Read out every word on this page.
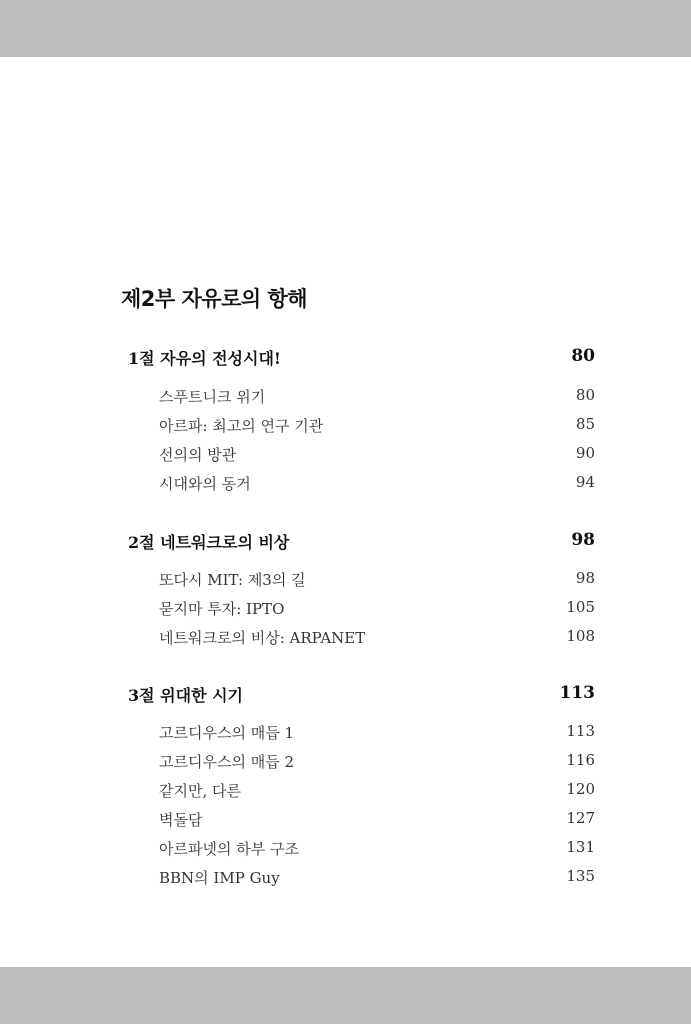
제2부 자유로의 항해
1절 자유의 전성시대!	80
스푸트니크 위기	80
아르파: 최고의 연구 기관	85
선의의 방관	90
시대와의 동거	94
2절 네트워크로의 비상	98
또다시 MIT: 제3의 길	98
묻지마 투자: IPTO	105
네트워크로의 비상: ARPANET	108
3절 위대한 시기	113
고르디우스의 매듭 1	113
고르디우스의 매듭 2	116
같지만, 다른	120
벽돌담	127
아르파넷의 하부 구조	131
BBN의 IMP Guy	135
